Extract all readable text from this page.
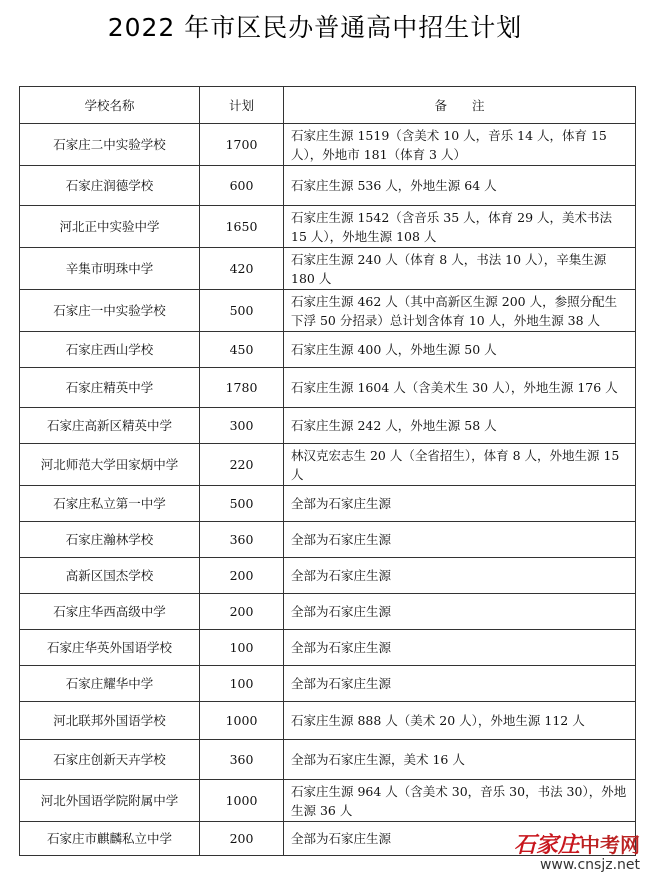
2022 年市区民办普通高中招生计划
学校名称	计划	备　　注
石家庄二中实验学校	1700	石家庄生源 1519（含美术 10 人，音乐 14 人，体育 15 人），外地市 181（体育 3 人）
石家庄润德学校	600	石家庄生源 536 人，外地生源 64 人
河北正中实验中学	1650	石家庄生源 1542（含音乐 35 人，体育 29 人，美术书法 15 人），外地生源 108 人
辛集市明珠中学	420	石家庄生源 240 人（体育 8 人，书法 10 人），辛集生源 180 人
石家庄一中实验学校	500	石家庄生源 462 人（其中高新区生源 200 人，参照分配生下浮 50 分招录）总计划含体育 10 人，外地生源 38 人
石家庄西山学校	450	石家庄生源 400 人，外地生源 50 人
石家庄精英中学	1780	石家庄生源 1604 人（含美术生 30 人），外地生源 176 人
石家庄高新区精英中学	300	石家庄生源 242 人，外地生源 58 人
河北师范大学田家炳中学	220	林汉克宏志生 20 人（全省招生），体育 8 人，外地生源 15 人
石家庄私立第一中学	500	全部为石家庄生源
石家庄瀚林学校	360	全部为石家庄生源
高新区国杰学校	200	全部为石家庄生源
石家庄华西高级中学	200	全部为石家庄生源
石家庄华英外国语学校	100	全部为石家庄生源
石家庄耀华中学	100	全部为石家庄生源
河北联邦外国语学校	1000	石家庄生源 888 人（美术 20 人），外地生源 112 人
石家庄创新天卉学校	360	全部为石家庄生源，美术 16 人
河北外国语学院附属中学	1000	石家庄生源 964 人（含美术 30，音乐 30，书法 30），外地生源 36 人
石家庄市麒麟私立中学	200	全部为石家庄生源	石家庄中考网
www.cnsjz.net
